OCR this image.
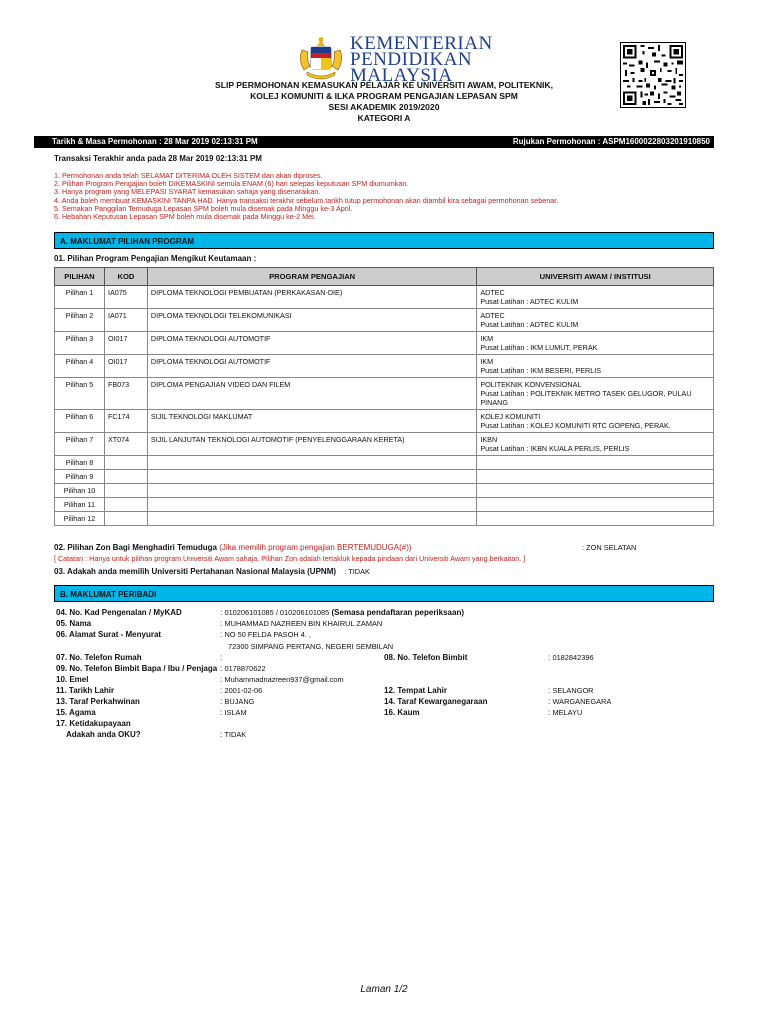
KEMENTERIAN
PENDIDIKAN
MALAYSIA
SLIP PERMOHONAN KEMASUKAN PELAJAR KE UNIVERSITI AWAM, POLITEKNIK,
KOLEJ KOMUNITI & ILKA PROGRAM PENGAJIAN LEPASAN SPM
SESI AKADEMIK 2019/2020
KATEGORI A
Tarikh & Masa Permohonan : 28 Mar 2019 02:13:31 PM	Rujukan Permohonan : ASPM1600022803201910850
Transaksi Terakhir anda pada 28 Mar 2019 02:13:31 PM
1. Permohonan anda telah SELAMAT DITERIMA OLEH SISTEM dan akan diproses.
2. Pilihan Program Pengajian boleh DIKEMASKINI semula ENAM (6) hari selepas keputusan SPM diumumkan.
3. Hanya program yang MELEPASI SYARAT kemasukan sahaja yang disenaraikan.
4. Anda boleh membuat KEMASKINI TANPA HAD. Hanya transaksi terakhir sebelum tarikh tutup permohonan akan diambil kira sebagai permohonan sebenar.
5. Semakan Panggilan Temuduga Lepasan SPM boleh mula disemak pada Minggu ke-3 April.
6. Hebahan Keputusan Lepasan SPM boleh mula disemak pada Minggu ke-2 Mei.
A. MAKLUMAT PILIHAN PROGRAM
01. Pilihan Program Pengajian Mengikut Keutamaan :
PILIHAN	KOD	PROGRAM PENGAJIAN	UNIVERSITI AWAM / INSTITUSI
Pilihan 1	IA075	DIPLOMA TEKNOLOGI PEMBUATAN (PERKAKASAN-DIE)	ADTEC
Pusat Latihan : ADTEC KULIM

Pilihan 2	IA071	DIPLOMA TEKNOLOGI TELEKOMUNIKASI	ADTEC
Pusat Latihan : ADTEC KULIM

Pilihan 3	OI017	DIPLOMA TEKNOLOGI AUTOMOTIF	IKM
Pusat Latihan : IKM LUMUT, PERAK

Pilihan 4	OI017	DIPLOMA TEKNOLOGI AUTOMOTIF	IKM
Pusat Latihan : IKM BESERI, PERLIS

Pilihan 5	FB073	DIPLOMA PENGAJIAN VIDEO DAN FILEM	POLITEKNIK KONVENSIONAL
Pusat Latihan : POLITEKNIK METRO TASEK GELUGOR, PULAU PINANG

Pilihan 6	FC174	SIJIL TEKNOLOGI MAKLUMAT	KOLEJ KOMUNITI
Pusat Latihan : KOLEJ KOMUNITI RTC GOPENG, PERAK.

Pilihan 7	XT074	SIJIL LANJUTAN TEKNOLOGI AUTOMOTIF (PENYELENGGARAAN KERETA)	IKBN
Pusat Latihan : IKBN KUALA PERLIS, PERLIS

Pilihan 8			

Pilihan 9			

Pilihan 10			

Pilihan 11			

Pilihan 12			
02. Pilihan Zon Bagi Menghadiri Temuduga (Jika memilih program pengajian BERTEMUDUGA(#))	: ZON SELATAN
[ Catatan : Hanya untuk pilihan program Universiti Awam sahaja. Pilihan Zon adalah tertakluk kepada pindaan dari Universiti Awam yang berkaitan. ]
03. Adakah anda memilih Universiti Pertahanan Nasional Malaysia (UPNM) : TIDAK
B. MAKLUMAT PERIBADI
04. No. Kad Pengenalan / MyKAD	: 010206101085 / 010206101085 (Semasa pendaftaran peperiksaan)
05. Nama	: MUHAMMAD NAZREEN BIN KHAIRUL ZAMAN
06. Alamat Surat - Menyurat	: NO 50 FELDA PASOH 4. ,
72300 SIMPANG PERTANG, NEGERI SEMBILAN
07. No. Telefon Rumah	:	08. No. Telefon Bimbit	: 0182842396
09. No. Telefon Bimbit Bapa / Ibu / Penjaga : 0178870622
10. Emel	: Muhammadnazreen937@gmail.com
11. Tarikh Lahir	: 2001-02-06	12. Tempat Lahir	: SELANGOR
13. Taraf Perkahwinan	: BUJANG	14. Taraf Kewarganegaraan	: WARGANEGARA
15. Agama	: ISLAM	16. Kaum	: MELAYU
17. Ketidakupayaan
Adakah anda OKU?	: TIDAK
Laman 1/2
